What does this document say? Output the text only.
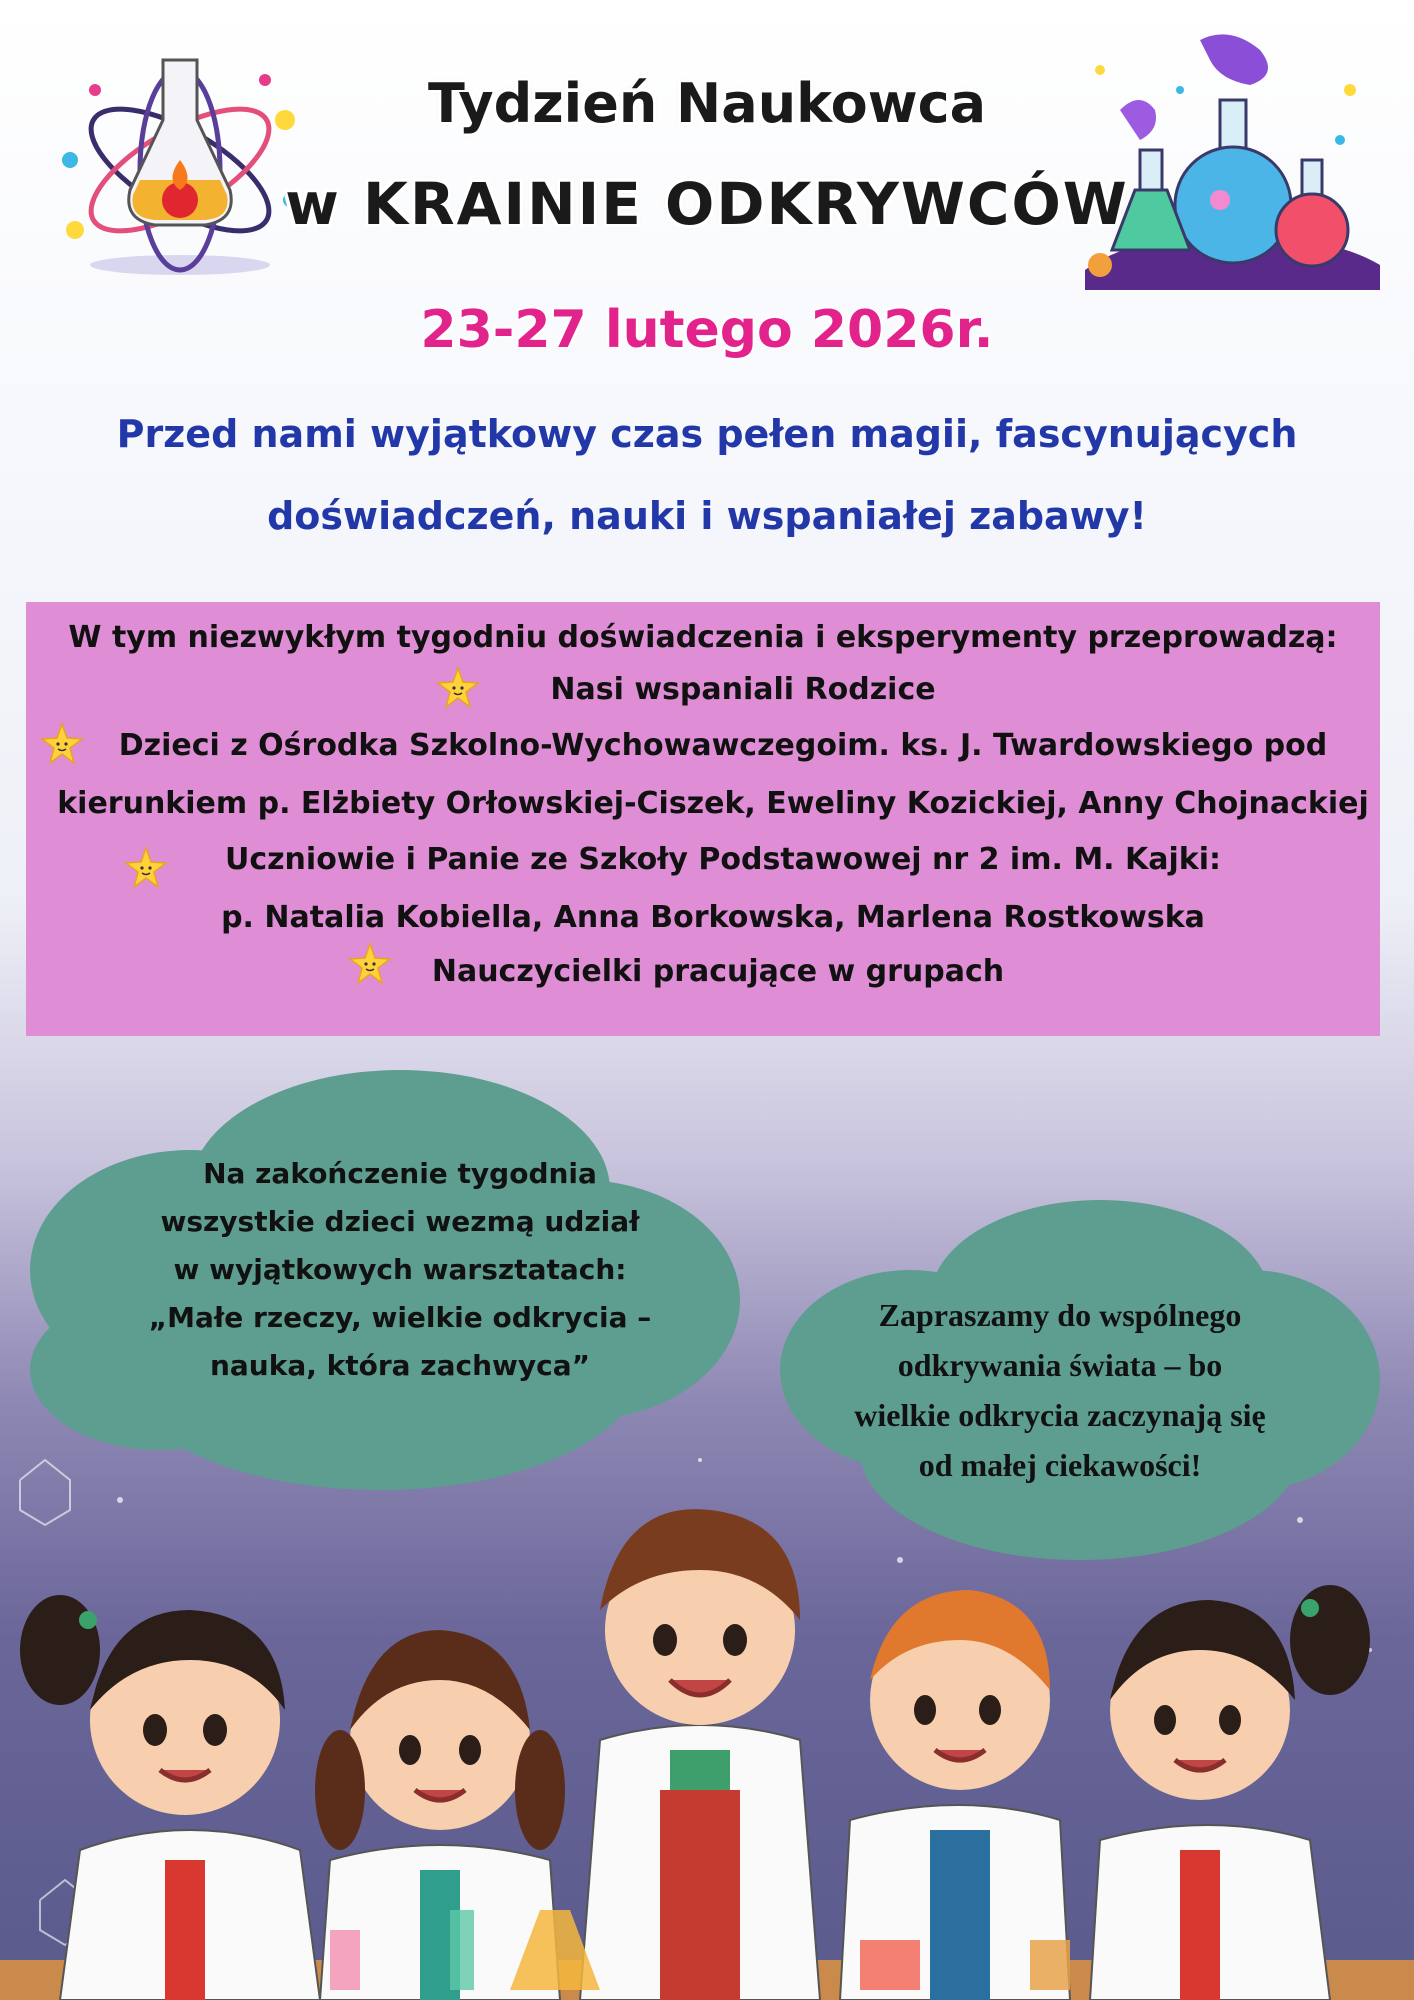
Tydzień Naukowca
w KRAINIE ODKRYWCÓW
23-27 lutego 2026r.
Przed nami wyjątkowy czas pełen magii, fascynujących
doświadczeń, nauki i wspaniałej zabawy!
W tym niezwykłym tygodniu doświadczenia i eksperymenty przeprowadzą:
Nasi wspaniali Rodzice
Dzieci z Ośrodka Szkolno-Wychowawczegoim. ks. J. Twardowskiego pod
kierunkiem p. Elżbiety Orłowskiej-Ciszek, Eweliny Kozickiej, Anny Chojnackiej
Uczniowie i Panie ze Szkoły Podstawowej nr 2 im. M. Kajki:
p. Natalia Kobiella, Anna Borkowska, Marlena Rostkowska
Nauczycielki pracujące w grupach
Na zakończenie tygodnia
wszystkie dzieci wezmą udział
w wyjątkowych warsztatach:
„Małe rzeczy, wielkie odkrycia –
nauka, która zachwyca”
Zapraszamy do wspólnego
odkrywania świata – bo
wielkie odkrycia zaczynają się
od małej ciekawości!
